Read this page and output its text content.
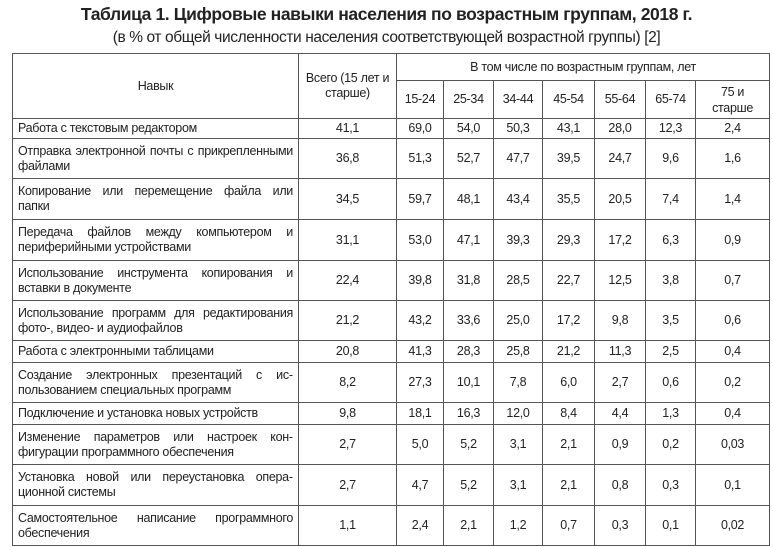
Таблица 1. Цифровые навыки населения по возрастным группам, 2018 г.
(в % от общей численности населения соответствующей возрастной группы) [2]
Навык	Всего (15 лет и старше)	В том числе по возрастным группам, лет						
		15-24	25-34	34-44	45-54	55-64	65-74	75 и старше
Работа с текстовым редактором	41,1	69,0	54,0	50,3	43,1	28,0	12,3	2,4
Отправка электронной почты с прикрепленными файлами	36,8	51,3	52,7	47,7	39,5	24,7	9,6	1,6
Копирование или перемещение файла или папки	34,5	59,7	48,1	43,4	35,5	20,5	7,4	1,4
Передача файлов между компьютером и периферийными устройствами	31,1	53,0	47,1	39,3	29,3	17,2	6,3	0,9
Использование инструмента копирования и вставки в документе	22,4	39,8	31,8	28,5	22,7	12,5	3,8	0,7
Использование программ для редактирования фото-, видео- и аудиофайлов	21,2	43,2	33,6	25,0	17,2	9,8	3,5	0,6
Работа с электронными таблицами	20,8	41,3	28,3	25,8	21,2	11,3	2,5	0,4
Создание электронных презентаций с использованием специальных программ	8,2	27,3	10,1	7,8	6,0	2,7	0,6	0,2
Подключение и установка новых устройств	9,8	18,1	16,3	12,0	8,4	4,4	1,3	0,4
Изменение параметров или настроек конфигурации программного обеспечения	2,7	5,0	5,2	3,1	2,1	0,9	0,2	0,03
Установка новой или переустановка операционной системы	2,7	4,7	5,2	3,1	2,1	0,8	0,3	0,1
Самостоятельное написание программного обеспечения	1,1	2,4	2,1	1,2	0,7	0,3	0,1	0,02
